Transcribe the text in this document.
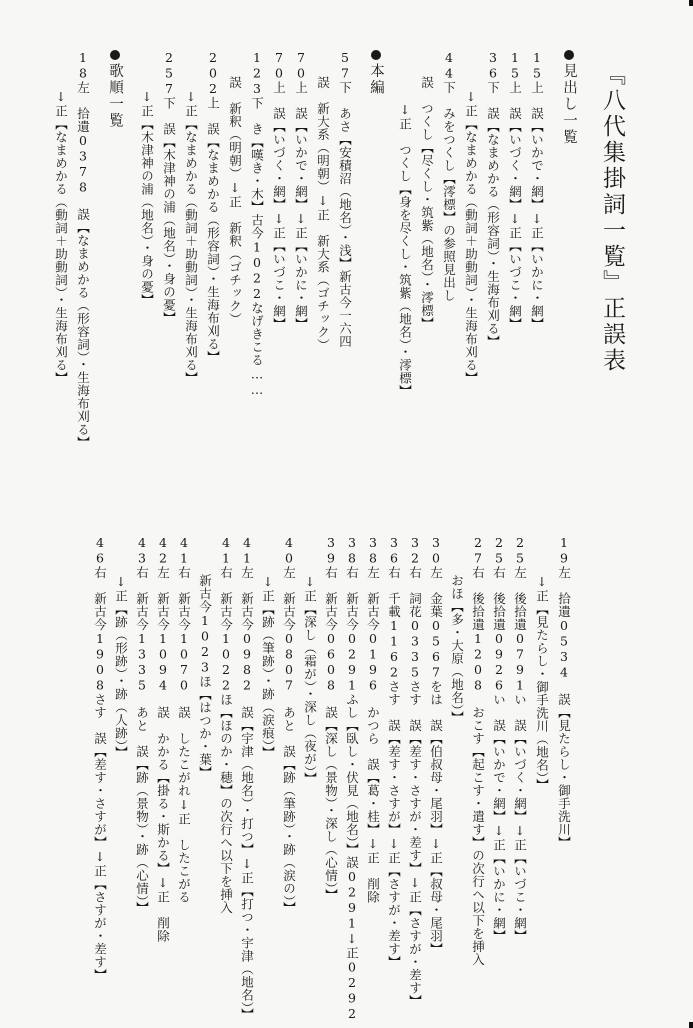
『八代集掛詞一覧』正誤表
見出し一覧
本編
歌順一覧	15上　誤【いかで・網】↓正【いかに・網】
15上　誤【いづく・網】↓正【いづこ・網】
36下　誤【なまめかる（形容詞）・生海布刈る】
　　　↓正【なまめかる（動詞＋助動詞）・生海布刈る】
44下　みをつくし【澪標】の参照見出し
　　誤　つくし【尽くし・筑紫（地名）・澪標】
　　　　↓正　つくし【身を尽くし・筑紫（地名）・澪標】
57下　あさ【安積沼（地名）・浅】新古今一六四
　　誤　新大系（明朝）↓正　新大系（ゴチック）
70上　誤【いかで・網】↓正【いかに・網】
70上　誤【いづく・網】↓正【いづこ・網】
123下　き【嘆き・木】古今1022なげきこる……
　　誤　新釈（明朝）↓正　新釈（ゴチック）
202上　誤【なまめかる（形容詞）・生海布刈る】
　　　↓正【なまめかる（動詞＋助動詞）・生海布刈る】
257下　誤【木津神の浦（地名）・身の憂】
　　　↓正【木津神の浦（地名）・身の憂】
18左　拾遺0378　誤【なまめかる（形容詞）・生海布刈る】
　　　↓正【なまめかる（動詞＋助動詞）・生海布刈る】
19左　拾遺0534　誤【見たらし・御手洗川】
　　　↓正【見たらし・御手洗川（地名）】
25左　後拾遺0791い　誤【いづく・網】↓正【いづこ・網】
25右　後拾遺0926い　誤【いかで・網】↓正【いかに・網】
27右　後拾遺1208　おこす【起こす・遣す】の次行へ以下を挿入
　　　おほ【多・大原（地名）】
30左　金葉0567をは　誤【伯叔母・尾羽】↓正【叔母・尾羽】
32右　詞花0335さす　誤【差す・さすが・差す】↓正【さすが・差す】
36右　千載1162さす　誤【差す・さすが】↓正【さすが・差す】
38左　新古今0196　かつら　誤【葛・桂】↓正　削除
38右　新古今0291ふし【臥し・伏見（地名）】誤0291↓正0292
39右　新古今0608　誤【深し（景物）・深し（心情）】
　　　↓正【深し（霜が）・深し（夜が）】
40左　新古今0807　あと　誤【跡（筆跡）・跡（涙の）】
　　　↓正【跡（筆跡）・跡（涙痕）】
41左　新古今0982　誤【宇津（地名）・打つ】↓正【打つ・宇津（地名）】
41右　新古今1022ほ【ほのか・穂】の次行へ以下を挿入
　　　新古今1023ほ【はつか・葉】
41右　新古今1070　誤　したこがれ↓正　したこがる
42左　新古今1094　誤　かかる【掛る・斯かる】↓正　削除
43右　新古今1335　あと　誤【跡（景物）・跡（心情）】
　　　↓正【跡（形跡）・跡（人跡）】
46右　新古今1908さす　誤【差す・さすが】↓正【さすが・差す】
